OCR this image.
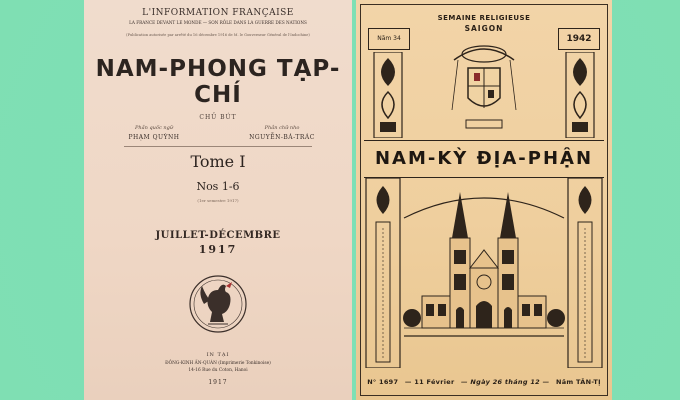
L'INFORMATION FRANÇAISE
LA FRANCE DEVANT LE MONDE — SON RÔLE DANS LA GUERRE DES NATIONS
(Publication autorisée par arrêté du 16 décembre 1916 de M. le Gouverneur Général de l'Indochine)
NAM-PHONG TẠP-CHÍ
CHỦ BÚT
Phần quốc ngữ
PHẠM QUỲNH
Phần chữ nho
NGUYỄN-BÁ-TRÁC
Tome I
Nos 1-6
(1er semestre 1917)
JUILLET-DÉCEMBRE
1917
IN TẠI
ĐÔNG-KINH ẤN-QUÁN (Imprimerie Tonkinoise)
14-16 Rue du Coton, Hanoi
1917
Năm 34	1942
SEMAINE RELIGIEUSE
SAIGON
NAM-KỲ ĐỊA-PHẬN
N° 1697 — 11 Février — Ngày 26 tháng 12 — Năm TÂN-TỊ
